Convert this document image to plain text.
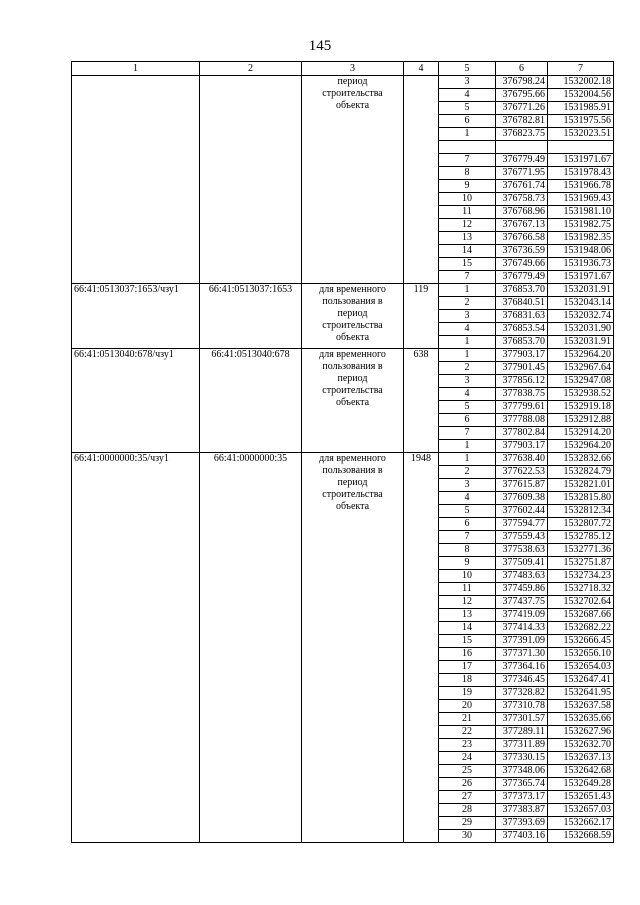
145
1	2	3	4	5	6	7

		период
строительства
объекта		3	376798.24	1532002.18
				4	376795.66	1532004.56
				5	376771.26	1531985.91
				6	376782.81	1531975.56
				1	376823.75	1532023.51

				7	376779.49	1531971.67
				8	376771.95	1531978.43
				9	376761.74	1531966.78
				10	376758.73	1531969.43
				11	376768.96	1531981.10
				12	376767.13	1531982.75
				13	376766.58	1531982.35
				14	376736.59	1531948.06
				15	376749.66	1531936.73
				7	376779.49	1531971.67
66:41:0513037:1653/чзу1	66:41:0513037:1653	для временного
пользования в
период
строительства
объекта	119	1	376853.70	1532031.91
				2	376840.51	1532043.14
				3	376831.63	1532032.74
				4	376853.54	1532031.90
				1	376853.70	1532031.91
66:41:0513040:678/чзу1	66:41:0513040:678	для временного
пользования в
период
строительства
объекта	638	1	377903.17	1532964.20
				2	377901.45	1532967.64
				3	377856.12	1532947.08
				4	377838.75	1532938.52
				5	377799.61	1532919.18
				6	377788.08	1532912.88
				7	377802.84	1532914.20
				1	377903.17	1532964.20
66:41:0000000:35/чзу1	66:41:0000000:35	для временного
пользования в
период
строительства
объекта	1948	1	377638.40	1532832.66
				2	377622.53	1532824.79
				3	377615.87	1532821.01
				4	377609.38	1532815.80
				5	377602.44	1532812.34
				6	377594.77	1532807.72
				7	377559.43	1532785.12
				8	377538.63	1532771.36
				9	377509.41	1532751.87
				10	377483.63	1532734.23
				11	377459.86	1532718.32
				12	377437.75	1532702.64
				13	377419.09	1532687.66
				14	377414.33	1532682.22
				15	377391.09	1532666.45
				16	377371.30	1532656.10
				17	377364.16	1532654.03
				18	377346.45	1532647.41
				19	377328.82	1532641.95
				20	377310.78	1532637.58
				21	377301.57	1532635.66
				22	377289.11	1532627.96
				23	377311.89	1532632.70
				24	377330.15	1532637.13
				25	377348.06	1532642.68
				26	377365.74	1532649.28
				27	377373.17	1532651.43
				28	377383.87	1532657.03
				29	377393.69	1532662.17
				30	377403.16	1532668.59
